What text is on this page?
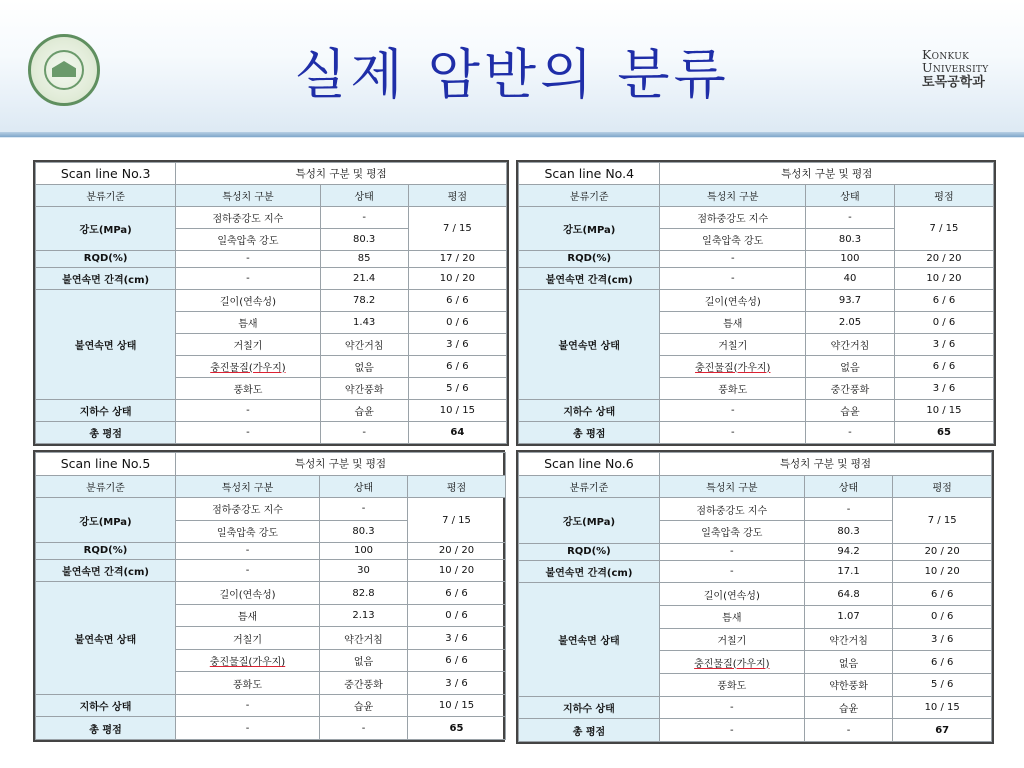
실제 암반의 분류	Konkuk
University
토목공학과
Scan line No.3	특성치 구분 및 평점		
분류기준	특성치 구분	상태	평점
강도(MPa)	점하중강도 지수	-	7 / 15
	일축압축 강도	80.3	
RQD(%)	-	85	17 / 20
불연속면 간격(cm)	-	21.4	10 / 20
불연속면 상태	길이(연속성)	78.2	6 / 6
	틈새	1.43	0 / 6
	거칠기	약간거침	3 / 6
	충진물질(가우지)	없음	6 / 6
	풍화도	약간풍화	5 / 6
지하수 상태	-	습윤	10 / 15
총 평점	-	-	64
Scan line No.4	특성치 구분 및 평점		
분류기준	특성치 구분	상태	평점
강도(MPa)	점하중강도 지수	-	7 / 15
	일축압축 강도	80.3	
RQD(%)	-	100	20 / 20
불연속면 간격(cm)	-	40	10 / 20
불연속면 상태	길이(연속성)	93.7	6 / 6
	틈새	2.05	0 / 6
	거칠기	약간거침	3 / 6
	충진물질(가우지)	없음	6 / 6
	풍화도	중간풍화	3 / 6
지하수 상태	-	습윤	10 / 15
총 평점	-	-	65
Scan line No.5	특성치 구분 및 평점		
분류기준	특성치 구분	상태	평점
강도(MPa)	점하중강도 지수	-	7 / 15
	일축압축 강도	80.3	
RQD(%)	-	100	20 / 20
불연속면 간격(cm)	-	30	10 / 20
불연속면 상태	길이(연속성)	82.8	6 / 6
	틈새	2.13	0 / 6
	거칠기	약간거침	3 / 6
	충진물질(가우지)	없음	6 / 6
	풍화도	중간풍화	3 / 6
지하수 상태	-	습윤	10 / 15
총 평점	-	-	65
Scan line No.6	특성치 구분 및 평점		
분류기준	특성치 구분	상태	평점
강도(MPa)	점하중강도 지수	-	7 / 15
	일축압축 강도	80.3	
RQD(%)	-	94.2	20 / 20
불연속면 간격(cm)	-	17.1	10 / 20
불연속면 상태	길이(연속성)	64.8	6 / 6
	틈새	1.07	0 / 6
	거칠기	약간거침	3 / 6
	충진물질(가우지)	없음	6 / 6
	풍화도	약한풍화	5 / 6
지하수 상태	-	습윤	10 / 15
총 평점	-	-	67
